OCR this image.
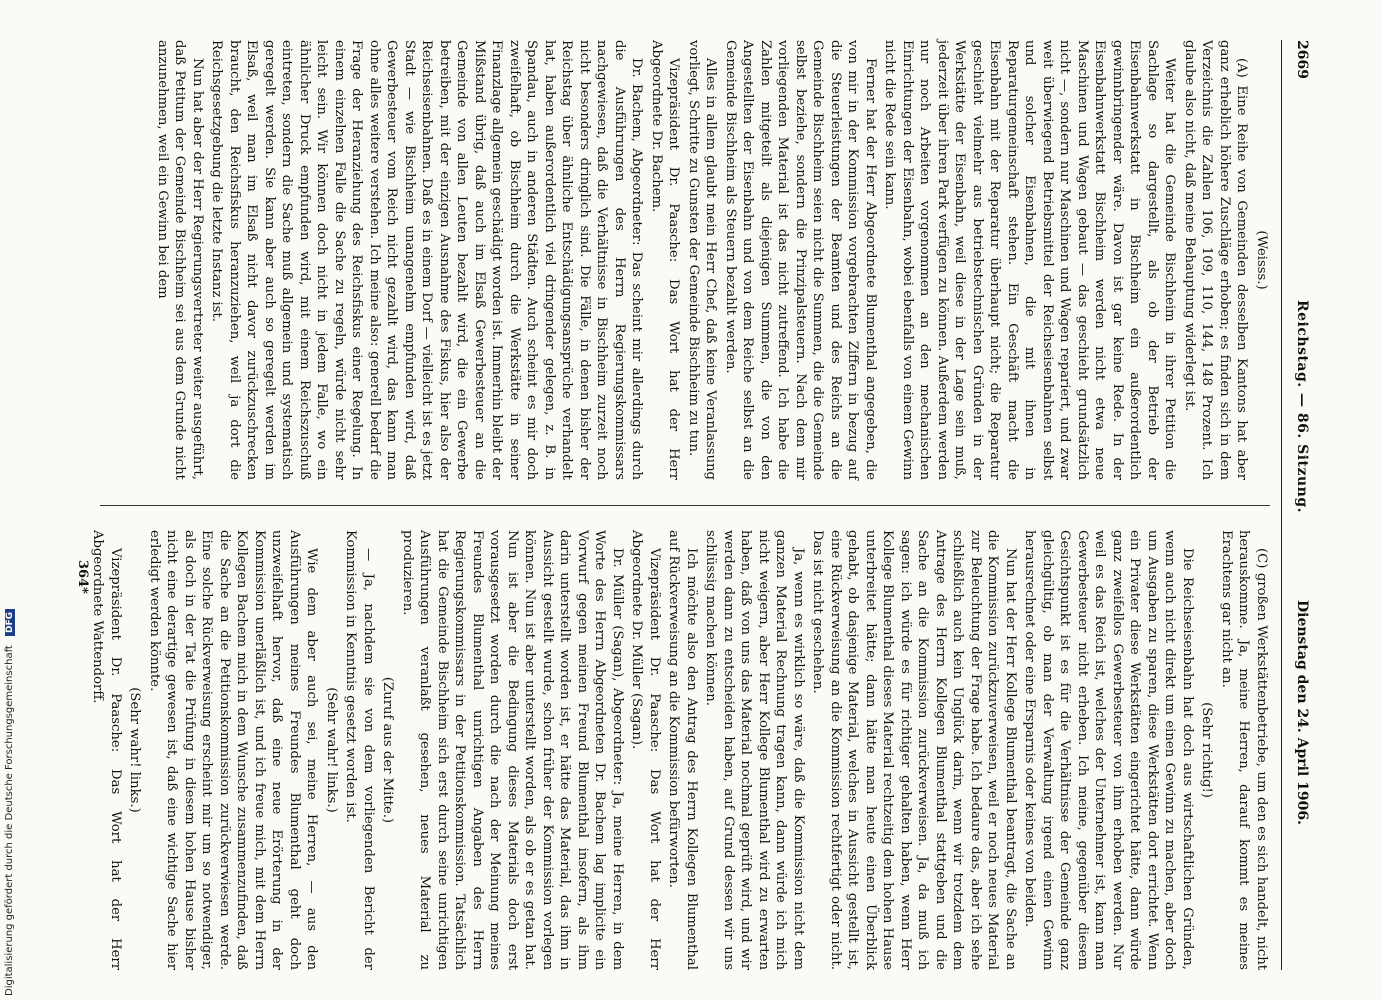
2669
Reichstag. — 86. Sitzung.
Dienstag den 24. April 1906.

(Weisss.)

(A) Eine Reihe von Gemeinden desselben Kantons hat aber ganz erheblich höhere Zuschläge erhoben; es finden sich in dem Verzeichnis die Zahlen 106, 109, 110, 144, 148 Prozent. Ich glaube also nicht, daß meine Behauptung widerlegt ist.

Weiter hat die Gemeinde Bischheim in ihrer Petition die Sachlage so dargestellt, als ob der Betrieb der Eisenbahnwerkstatt in Bischheim ein außerordentlich gewinnbringender wäre. Davon ist gar keine Rede. In der Eisenbahnwerkstatt Bischheim werden nicht etwa neue Maschinen und Wagen gebaut — das geschieht grundsätzlich nicht —, sondern nur Maschinen und Wagen repariert, und zwar weit überwiegend Betriebsmittel der Reichseisenbahnen selbst und solcher Eisenbahnen, die mit ihnen in Reparaturgemeinschaft stehen. Ein Geschäft macht die Eisenbahn mit der Reparatur überhaupt nicht; die Reparatur geschieht vielmehr aus betriebstechnischen Gründen in der Werkstätte der Eisenbahn, weil diese in der Lage sein muß, jederzeit über ihren Park verfügen zu können. Außerdem werden nur noch Arbeiten vorgenommen an den mechanischen Einrichtungen der Eisenbahn, wobei ebenfalls von einem Gewinn nicht die Rede sein kann.

Ferner hat der Herr Abgeordnete Blumenthal angegeben, die von mir in der Kommission vorgebrachten Ziffern in bezug auf die Steuerleistungen der Beamten und des Reichs an die Gemeinde Bischheim seien nicht die Summen, die die Gemeinde selbst beziehe, sondern die Prinzipalsteuern. Nach dem mir vorliegenden Material ist das nicht zutreffend. Ich habe die Zahlen mitgeteilt als diejenigen Summen, die von den Angestellten der Eisenbahn und von dem Reiche selbst an die Gemeinde Bischheim als Steuern bezahlt werden.

Alles in allem glaubt mein Herr Chef, daß keine Veranlassung vorliegt, Schritte zu Gunsten der Gemeinde Bischheim zu tun.

Vizepräsident Dr. Paasche: Das Wort hat der Herr Abgeordnete Dr. Bachem.

Dr. Bachem, Abgeordneter: Das scheint mir allerdings durch die Ausführungen des Herrn Regierungskommissars nachgewiesen, daß die Verhältnisse in Bischheim zurzeit noch nicht besonders dringlich sind. Die Fälle, in denen bisher der Reichstag über ähnliche Entschädigungsansprüche verhandelt hat, haben außerordentlich viel dringender gelegen, z. B. in Spandau, auch in anderen Städten. Auch scheint es mir doch zweifelhaft, ob Bischheim durch die Werkstätte in seiner Finanzlage allgemein geschädigt worden ist. Immerhin bleibt der Mißstand übrig, daß auch im Elsaß Gewerbesteuer an die Gemeinde von allen Leuten bezahlt wird, die ein Gewerbe betreiben, mit der einzigen Ausnahme des Fiskus, hier also der Reichseisenbahnen. Daß es in einem Dorf — vielleicht ist es jetzt Stadt — wie Bischheim unangenehm empfunden wird, daß Gewerbesteuer vom Reich nicht gezahlt wird, das kann man ohne alles weitere verstehen. Ich meine also: generell bedarf die Frage der Heranziehung des Reichsfiskus einer Regelung. In einem einzelnen Falle die Sache zu regeln, würde nicht sehr leicht sein. Wir können doch nicht in jedem Falle, wo ein ähnlicher Druck empfunden wird, mit einem Reichszuschuß eintreten, sondern die Sache muß allgemein und systematisch geregelt werden. Sie kann aber auch so geregelt werden im Elsaß, weil man im Elsaß nicht davor zurückzuschrecken braucht, den Reichsfiskus heranzuziehen, weil ja dort die Reichsgesetzgebung die letzte Instanz ist.

Nun hat aber der Herr Regierungsvertreter weiter ausgeführt, daß Petitum der Gemeinde Bischheim sei aus dem Grunde nicht anzunehmen, weil ein Gewinn bei dem

(C) großen Werkstättenbetriebe, um den es sich handelt, nicht herauskomme. Ja, meine Herren, darauf kommt es meines Erachtens gar nicht an.

(Sehr richtig!)

Die Reichseisenbahn hat doch aus wirtschaftlichen Gründen, wenn auch nicht direkt um einen Gewinn zu machen, aber doch um Ausgaben zu sparen, diese Werkstätten dort errichtet. Wenn ein Privater diese Werkstätten eingerichtet hätte, dann würde ganz zweifellos Gewerbesteuer von ihm erhoben werden. Nur weil es das Reich ist, welches der Unternehmer ist, kann man Gewerbesteuer nicht erheben. Ich meine, gegenüber diesem Gesichtspunkt ist es für die Verhältnisse der Gemeinde ganz gleichgültig, ob man der Verwaltung irgend einen Gewinn herausrechnet oder eine Ersparnis oder keines von beiden.

Nun hat der Herr Kollege Blumenthal beantragt, die Sache an die Kommission zurückzuverweisen, weil er noch neues Material zur Beleuchtung der Frage habe. Ich bedaure das, aber ich sehe schließlich auch kein Unglück darin, wenn wir trotzdem dem Antrage des Herrn Kollegen Blumenthal stattgeben und die Sache an die Kommission zurückverweisen. Ja, da muß ich sagen: ich würde es für richtiger gehalten haben, wenn Herr Kollege Blumenthal dieses Material rechtzeitig dem hohen Hause unterbreitet hätte; dann hätte man heute einen Überblick gehabt, ob dasjenige Material, welches in Aussicht gestellt ist, eine Rückverweisung an die Kommission rechtfertigt oder nicht. Das ist nicht geschehen.

Ja, wenn es wirklich so wäre, daß die Kommission nicht dem ganzen Material Rechnung tragen kann, dann würde ich mich nicht weigern, aber Herr Kollege Blumenthal wird zu erwarten haben, daß von uns das Material nochmal geprüft wird, und wir werden dann zu entscheiden haben, auf Grund dessen wir uns schlüssig machen können.

Ich möchte also den Antrag des Herrn Kollegen Blumenthal auf Rückverweisung an die Kommission befürworten.

Vizepräsident Dr. Paasche: Das Wort hat der Herr Abgeordnete Dr. Müller (Sagan).

Dr. Müller (Sagan), Abgeordneter: Ja, meine Herren, in dem Worte des Herrn Abgeordneten Dr. Bachem lag implicite ein Vorwurf gegen meinen Freund Blumenthal insofern, als ihm darin unterstellt worden ist, er hätte das Material, das ihm in Aussicht gestellt wurde, schon früher der Kommission vorlegen können. Nun ist aber unterstellt worden, als ob er es getan hat. Nun ist aber die Bedingung dieses Materials doch erst vorausgesetzt worden durch die nach der Meinung meines Freundes Blumenthal unrichtigen Angaben des Herrn Regierungskommissars in der Petitionskommission. Tatsächlich hat die Gemeinde Bischheim sich erst durch seine unrichtigen Ausführungen veranlaßt gesehen, neues Material zu produzieren.

(Zuruf aus der Mitte.)

— Ja, nachdem sie von dem vorliegenden Bericht der Kommission in Kenntnis gesetzt worden ist.

(Sehr wahr! links.)

Wie dem aber auch sei, meine Herren, — aus den Ausführungen meines Freundes Blumenthal geht doch unzweifelhaft hervor, daß eine neue Erörterung in der Kommission unerläßlich ist, und ich freue mich, mit dem Herrn Kollegen Bachem mich in dem Wunsche zusammenzufinden, daß die Sache an die Petitionskommission zurückverwiesen werde. Eine solche Rückverweisung erscheint mir um so notwendiger, als doch in der Tat die Prüfung in diesem hohen Hause bisher nicht eine derartige gewesen ist, daß eine wichtige Sache hier erledigt werden könnte.

(Sehr wahr! links.)

Vizepräsident Dr. Paasche: Das Wort hat der Herr Abgeordnete Wattendorff.

364*
Digitalisierung gefördert durch die Deutsche Forschungsgemeinschaft DFG
